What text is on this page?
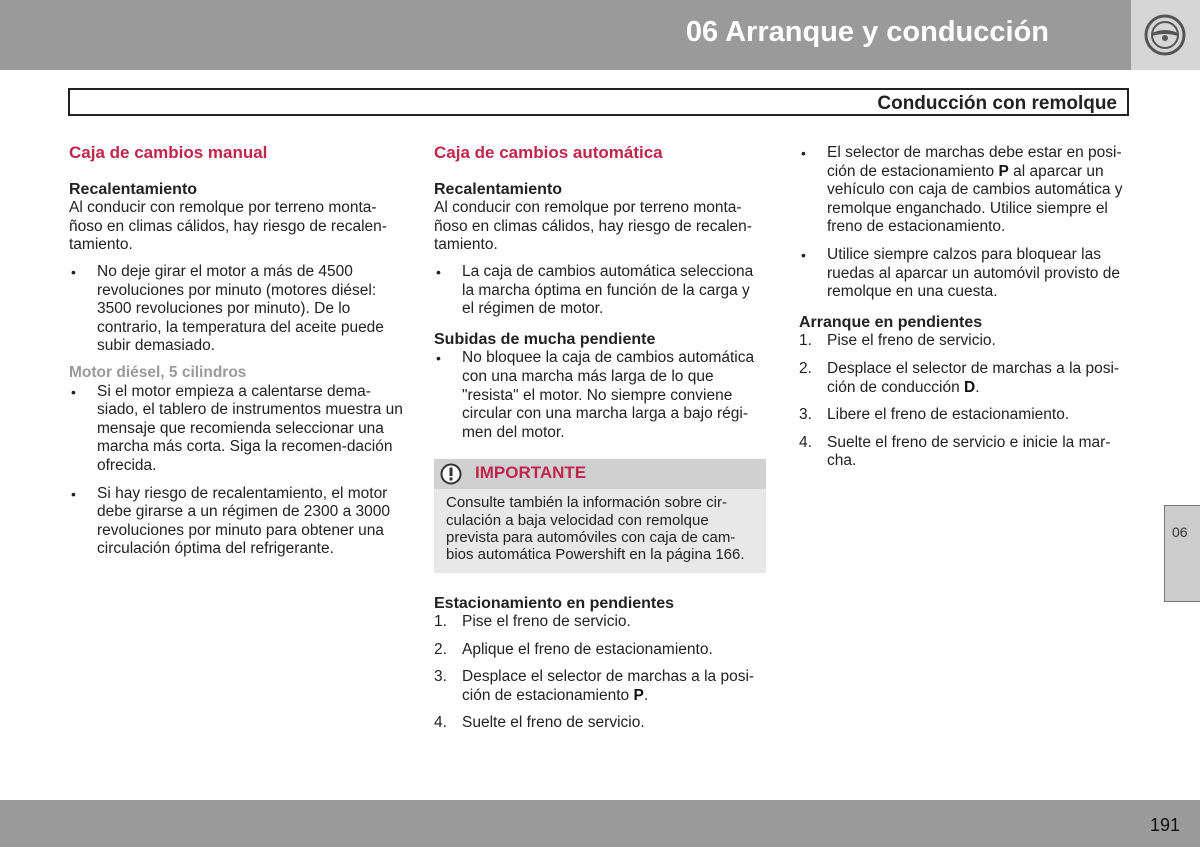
06 Arranque y conducción
Conducción con remolque
Caja de cambios manual
Recalentamiento

Al conducir con remolque por terreno monta-ñoso en climas cálidos, hay riesgo de recalen-tamiento.

• No deje girar el motor a más de 4500 revoluciones por minuto (motores diésel: 3500 revoluciones por minuto). De lo contrario, la temperatura del aceite puede subir demasiado.
Motor diésel, 5 cilindros
• Si el motor empieza a calentarse dema-siado, el tablero de instrumentos muestra un mensaje que recomienda seleccionar una marcha más corta. Siga la recomen-dación ofrecida.
• Si hay riesgo de recalentamiento, el motor debe girarse a un régimen de 2300 a 3000 revoluciones por minuto para obtener una circulación óptima del refrigerante.
Caja de cambios automática
Recalentamiento

Al conducir con remolque por terreno monta-ñoso en climas cálidos, hay riesgo de recalen-tamiento.

• La caja de cambios automática selecciona la marcha óptima en función de la carga y el régimen de motor.
Subidas de mucha pendiente
• No bloquee la caja de cambios automática con una marcha más larga de lo que "resista" el motor. No siempre conviene circular con una marcha larga a bajo régi-men del motor.
IMPORTANTE
Consulte también la información sobre cir-culación a baja velocidad con remolque prevista para automóviles con caja de cam-bios automática Powershift en la página 166.
Estacionamiento en pendientes
1. Pise el freno de servicio.
2. Aplique el freno de estacionamiento.
3. Desplace el selector de marchas a la posi-ción de estacionamiento P.
4. Suelte el freno de servicio.
• El selector de marchas debe estar en posi-ción de estacionamiento P al aparcar un vehículo con caja de cambios automática y remolque enganchado. Utilice siempre el freno de estacionamiento.
• Utilice siempre calzos para bloquear las ruedas al aparcar un automóvil provisto de remolque en una cuesta.
Arranque en pendientes
1. Pise el freno de servicio.
2. Desplace el selector de marchas a la posi-ción de conducción D.
3. Libere el freno de estacionamiento.
4. Suelte el freno de servicio e inicie la mar-cha.
06
191
